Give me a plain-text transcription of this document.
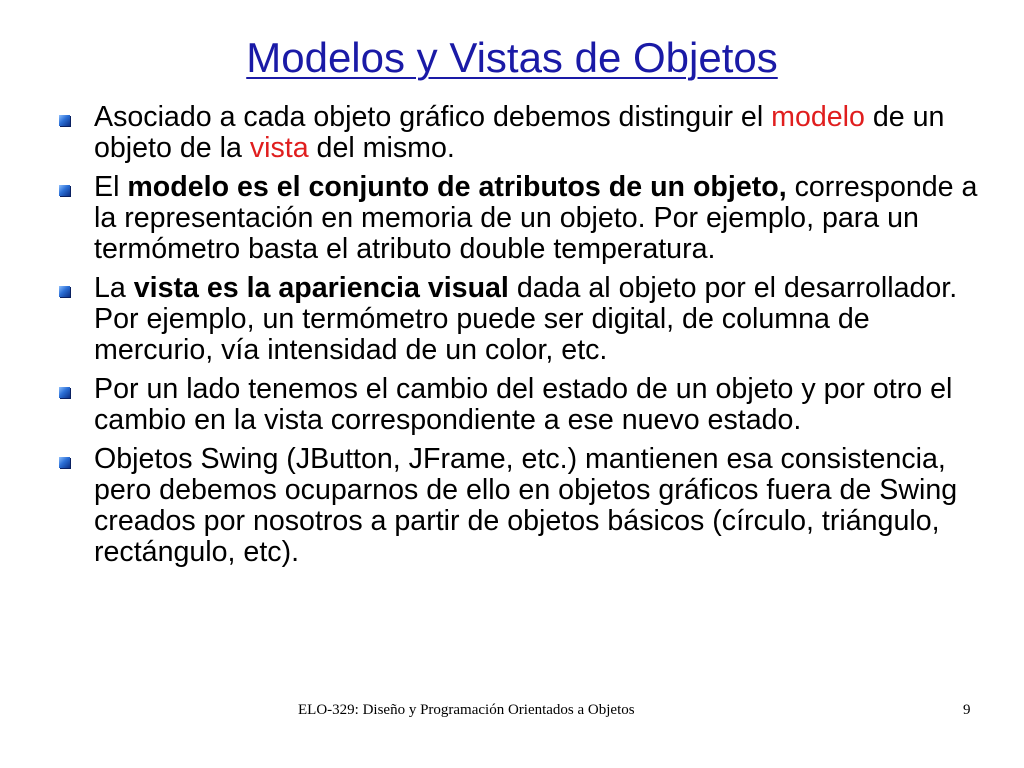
Modelos y Vistas de Objetos
Asociado a cada objeto gráfico debemos distinguir el modelo de un objeto de la vista del mismo.
El modelo es el conjunto de atributos de un objeto, corresponde a la representación en memoria de un objeto. Por ejemplo, para un termómetro basta el atributo double temperatura.
La vista es la apariencia visual dada al objeto por el desarrollador. Por ejemplo, un termómetro puede ser digital, de columna de mercurio, vía intensidad de un color, etc.
Por un lado tenemos el cambio del estado de un objeto y por otro el cambio en la vista correspondiente a ese nuevo estado.
Objetos Swing (JButton, JFrame, etc.) mantienen esa consistencia, pero debemos ocuparnos de ello en objetos gráficos fuera de Swing creados por nosotros a partir de objetos básicos (círculo, triángulo, rectángulo, etc).
ELO-329: Diseño y Programación Orientados a Objetos	9
